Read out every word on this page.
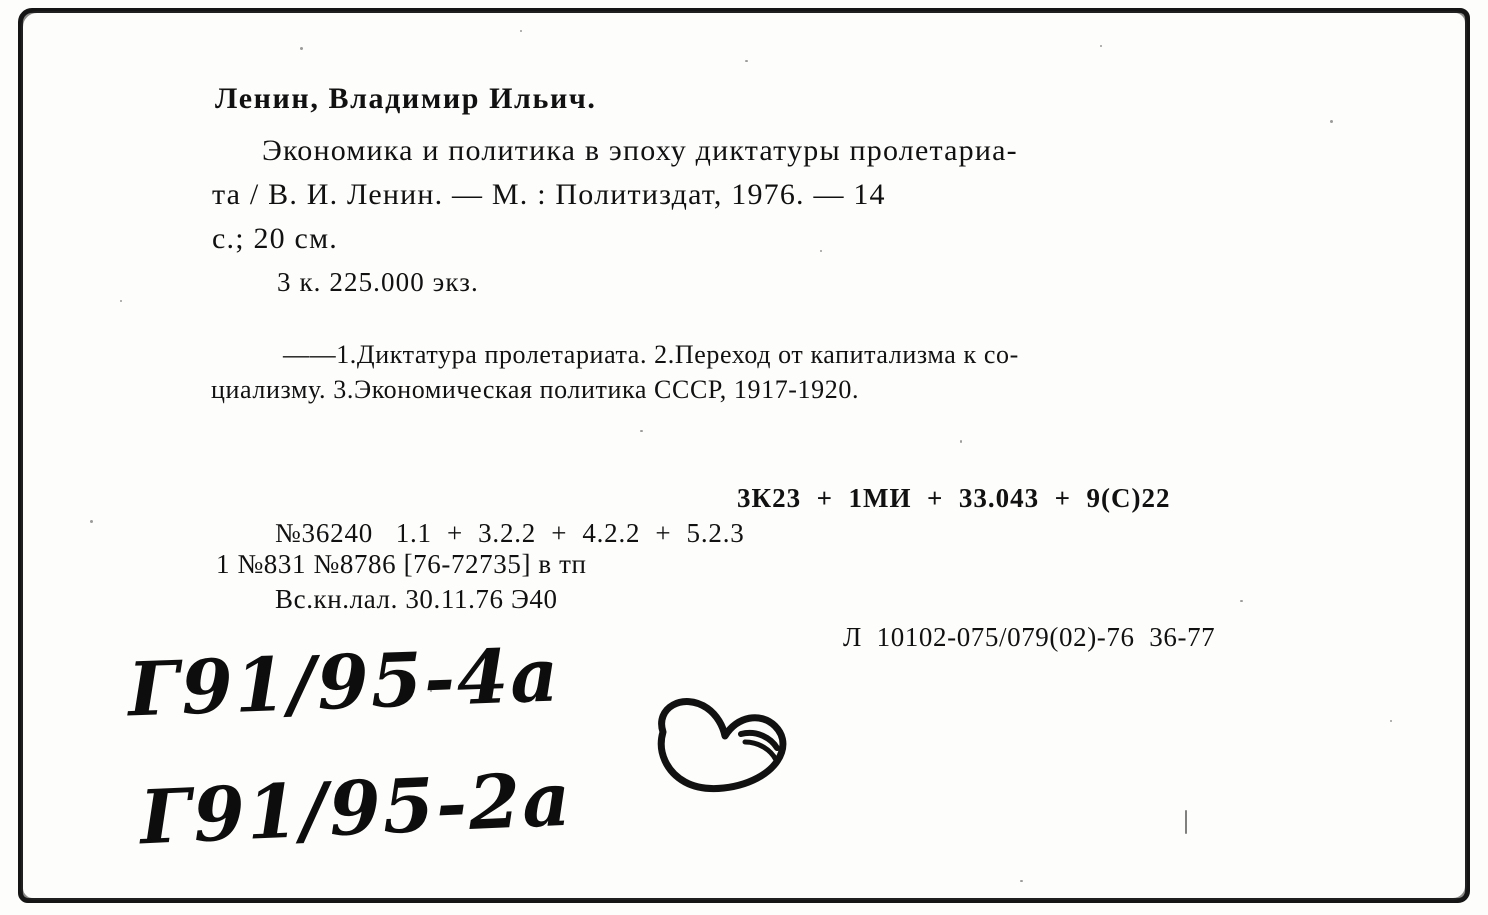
Ленин, Владимир Ильич.
Экономика и политика в эпоху диктатуры пролетариа-
та / В. И. Ленин. — М. : Политиздат, 1976. — 14
с.; 20 см.
3 к. 225.000 экз.
——1.Диктатура пролетариата. 2.Переход от капитализма к со-
циализму. 3.Экономическая политика СССР, 1917-1920.
3К23  +  1МИ  +  33.043  +  9(С)22
№36240   1.1  +  3.2.2  +  4.2.2  +  5.2.3
1 №831 №8786 [76-72735] в тп
Вс.кн.лал. 30.11.76 Э40
Л  10102-075/079(02)-76  36-77
Г91/95-4а
Г91/95-2а
